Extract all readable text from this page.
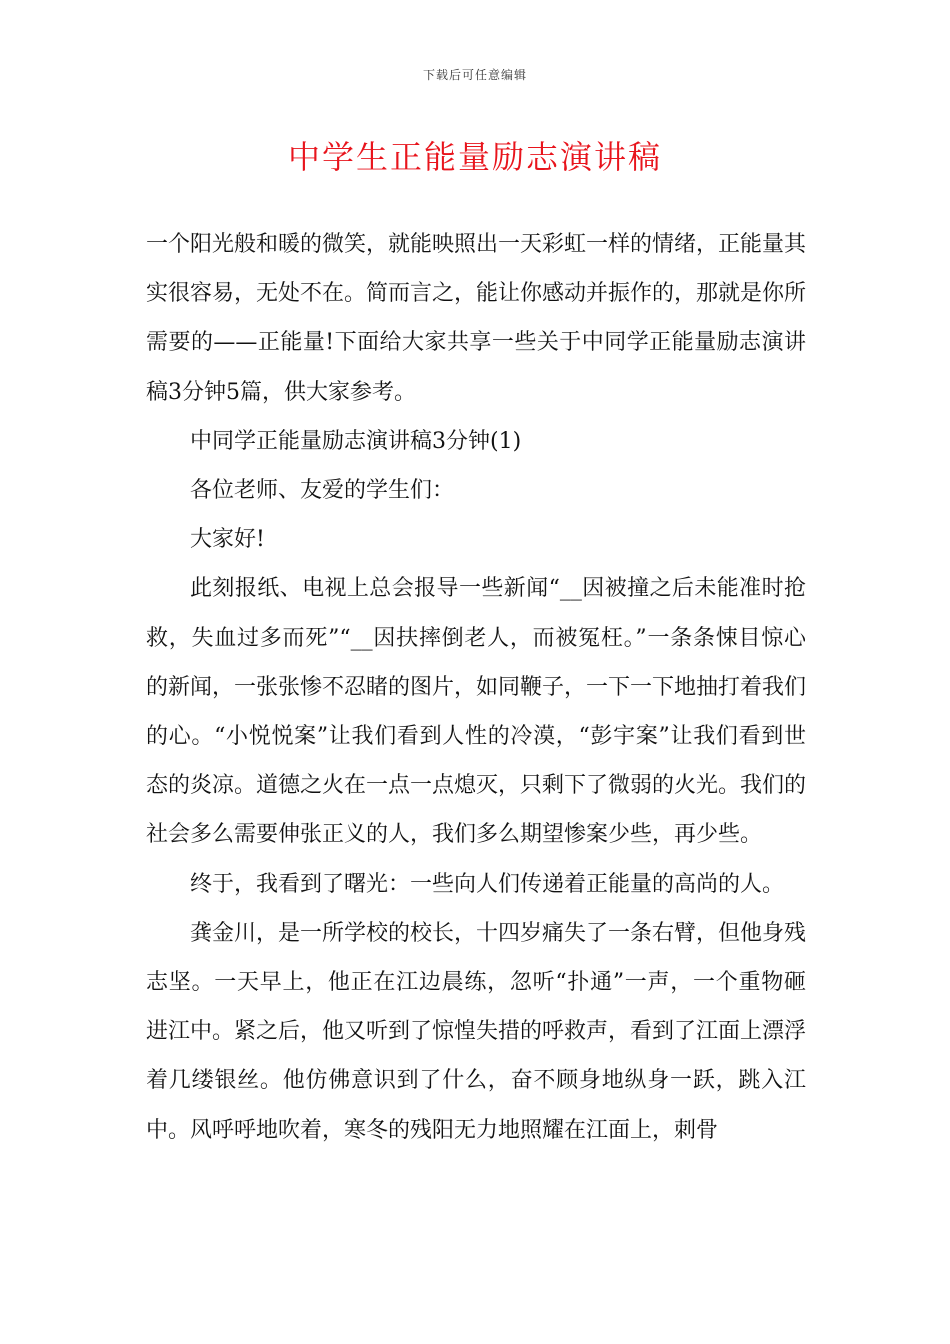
下载后可任意编辑
中学生正能量励志演讲稿

一个阳光般和暖的微笑，就能映照出一天彩虹一样的情绪，正能量其实很容易，无处不在。简而言之，能让你感动并振作的，那就是你所需要的——正能量!下面给大家共享一些关于中同学正能量励志演讲稿3分钟5篇，供大家参考。

中同学正能量励志演讲稿3分钟(1)

各位老师、友爱的学生们：

大家好!

此刻报纸、电视上总会报导一些新闻“__因被撞之后未能准时抢救，失血过多而死”“__因扶摔倒老人，而被冤枉。”一条条悚目惊心的新闻，一张张惨不忍睹的图片，如同鞭子，一下一下地抽打着我们的心。“小悦悦案”让我们看到人性的冷漠，“彭宇案”让我们看到世态的炎凉。道德之火在一点一点熄灭，只剩下了微弱的火光。我们的社会多么需要伸张正义的人，我们多么期望惨案少些，再少些。

终于，我看到了曙光：一些向人们传递着正能量的高尚的人。

龚金川，是一所学校的校长，十四岁痛失了一条右臂，但他身残志坚。一天早上，他正在江边晨练，忽听“扑通”一声，一个重物砸进江中。紧之后，他又听到了惊惶失措的呼救声，看到了江面上漂浮着几缕银丝。他仿佛意识到了什么，奋不顾身地纵身一跃，跳入江中。风呼呼地吹着，寒冬的残阳无力地照耀在江面上，刺骨
